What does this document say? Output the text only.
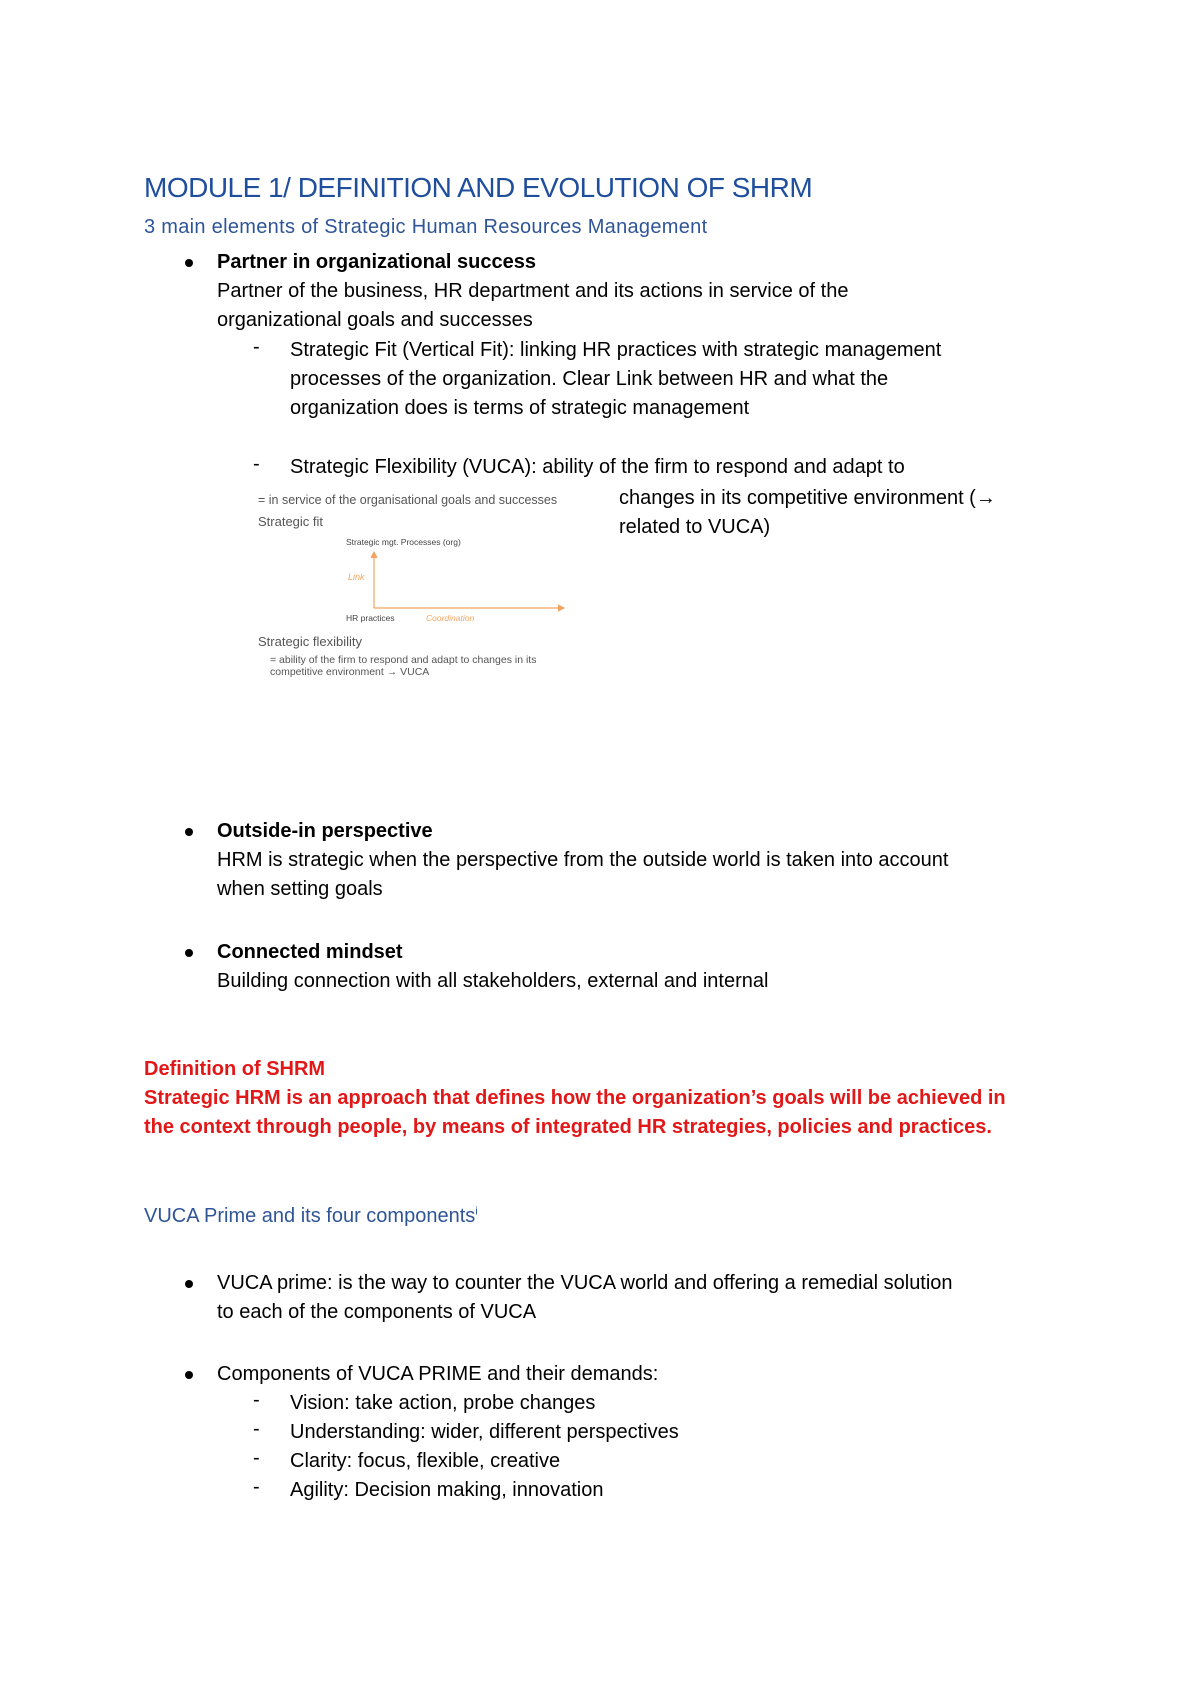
MODULE 1/ DEFINITION AND EVOLUTION OF SHRM
3 main elements of Strategic Human Resources Management
Partner in organizational success
Partner of the business, HR department and its actions in service of the
organizational goals and successes
- Strategic Fit (Vertical Fit): linking HR practices with strategic management
processes of the organization. Clear Link between HR and what the
organization does is terms of strategic management
- Strategic Flexibility (VUCA): ability of the firm to respond and adapt to
changes in its competitive environment (→
related to VUCA)
= in service of the organisational goals and successes
Strategic fit
Strategic mgt. Processes (org)
Link
HR practices	Coordination
Strategic flexibility
= ability of the firm to respond and adapt to changes in its
competitive environment → VUCA
Outside-in perspective
HRM is strategic when the perspective from the outside world is taken into account
when setting goals
Connected mindset
Building connection with all stakeholders, external and internal
Definition of SHRM
Strategic HRM is an approach that defines how the organization’s goals will be achieved in
the context through people, by means of integrated HR strategies, policies and practices.
VUCA Prime and its four components$^i$
VUCA prime: is the way to counter the VUCA world and offering a remedial solution
to each of the components of VUCA
Components of VUCA PRIME and their demands:
- Vision: take action, probe changes
- Understanding: wider, different perspectives
- Clarity: focus, flexible, creative
- Agility: Decision making, innovation
